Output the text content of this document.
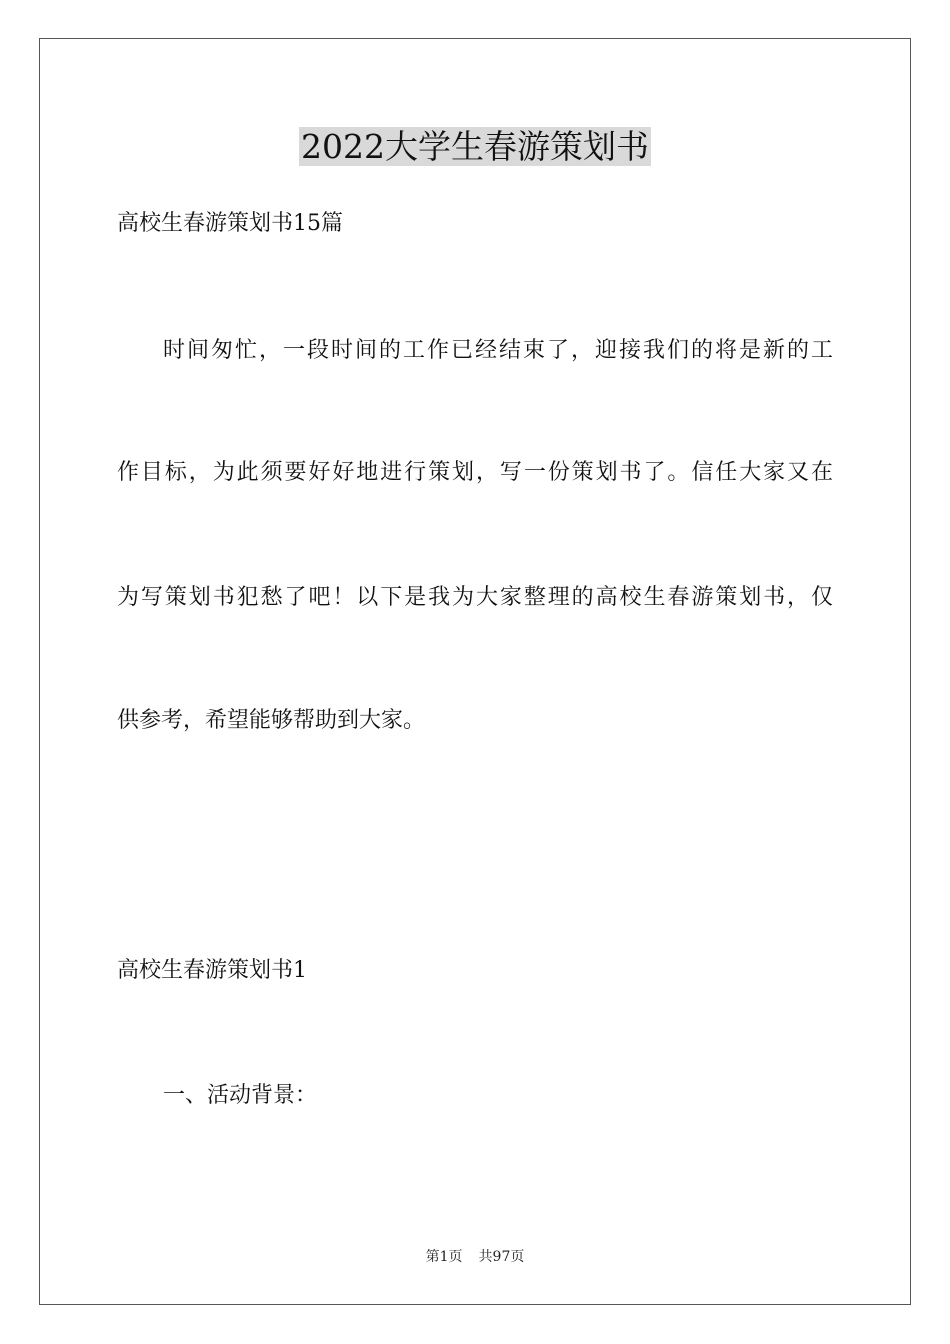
2022大学生春游策划书
高校生春游策划书15篇
时间匆忙，一段时间的工作已经结束了，迎接我们的将是新的工
作目标，为此须要好好地进行策划，写一份策划书了。信任大家又在
为写策划书犯愁了吧！以下是我为大家整理的高校生春游策划书，仅
供参考，希望能够帮助到大家。
高校生春游策划书1
一、活动背景：
第1页 共97页
